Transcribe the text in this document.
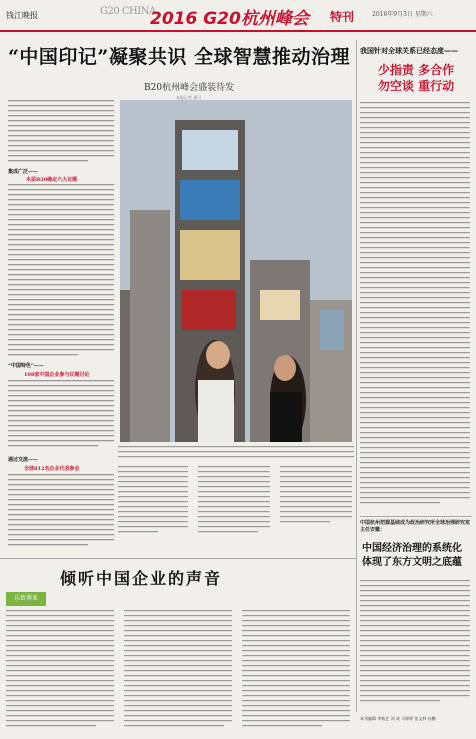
钱江晚报	G20 CHINA
2016 G20杭州峰会 特刊	2016年9月3日 星期六
“中国印记”凝聚共识 全球智慧推动治理
B20杭州峰会盛装待发
本报记者 潘可
集成广泛——
本届B20确定六大议题
“中国特色”——
108家中国企业参与议题讨论
通过交流——
全球812名企业代表参会
我国针对全球关系已经态度——
少指责 多合作
勿空谈 重行动
中国杭州把握基础成为政治研究所全球治理研究室主任安徽：
中国经济治理的系统化 体现了东方文明之底蕴
本刊编辑 李秋艺 刘 成 马婷婷 张文林 孙鹏
倾听中国企业的声音
乐致博亚
